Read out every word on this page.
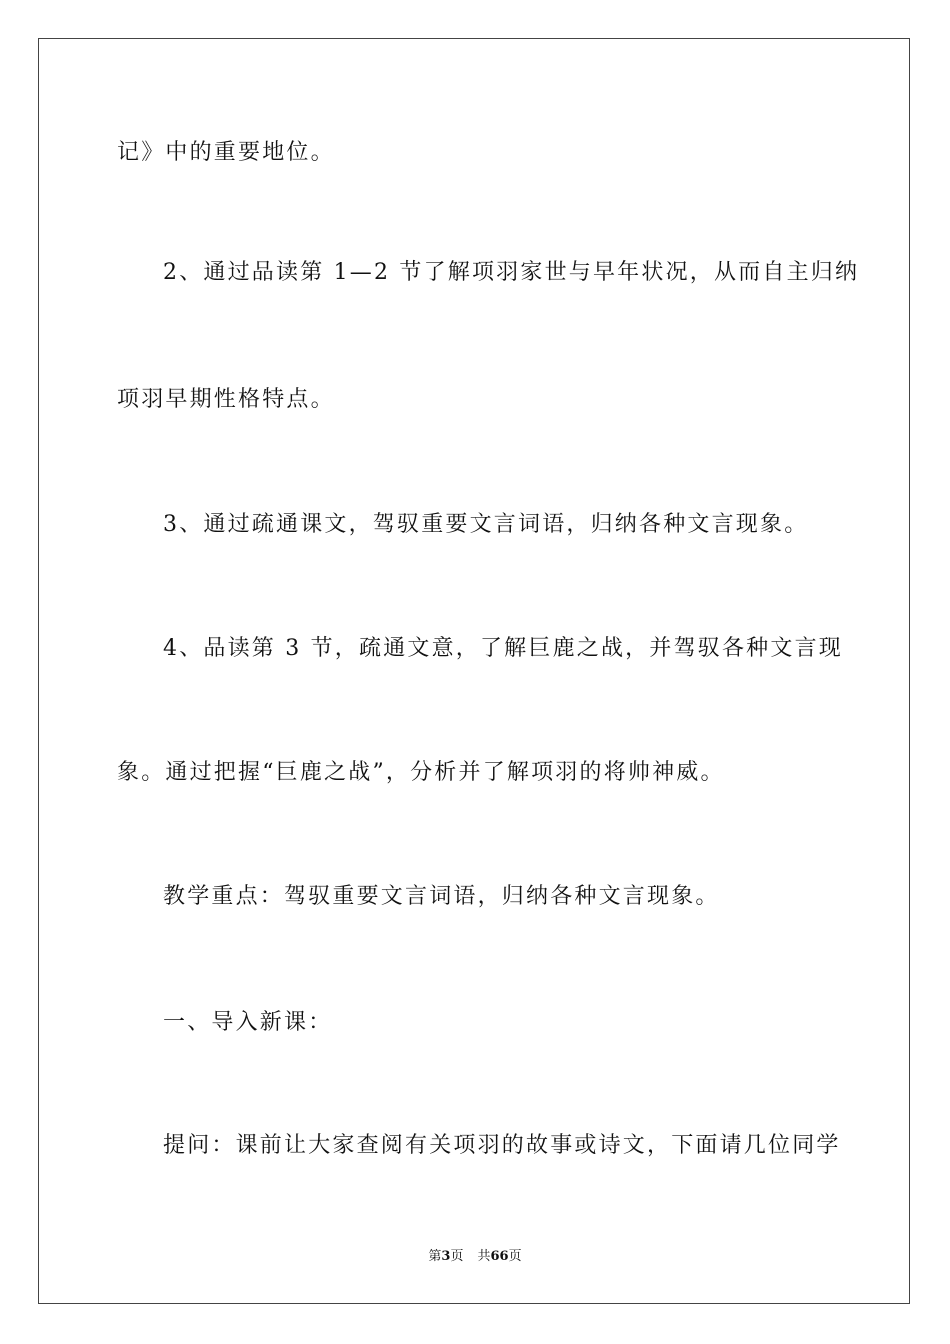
记》中的重要地位。
2、通过品读第 1—2 节了解项羽家世与早年状况，从而自主归纳
项羽早期性格特点。
3、通过疏通课文，驾驭重要文言词语，归纳各种文言现象。
4、品读第 3 节，疏通文意，了解巨鹿之战，并驾驭各种文言现
象。通过把握“巨鹿之战”，分析并了解项羽的将帅神威。
教学重点：驾驭重要文言词语，归纳各种文言现象。
一、导入新课：
提问：课前让大家查阅有关项羽的故事或诗文，下面请几位同学
第3页 共66页
